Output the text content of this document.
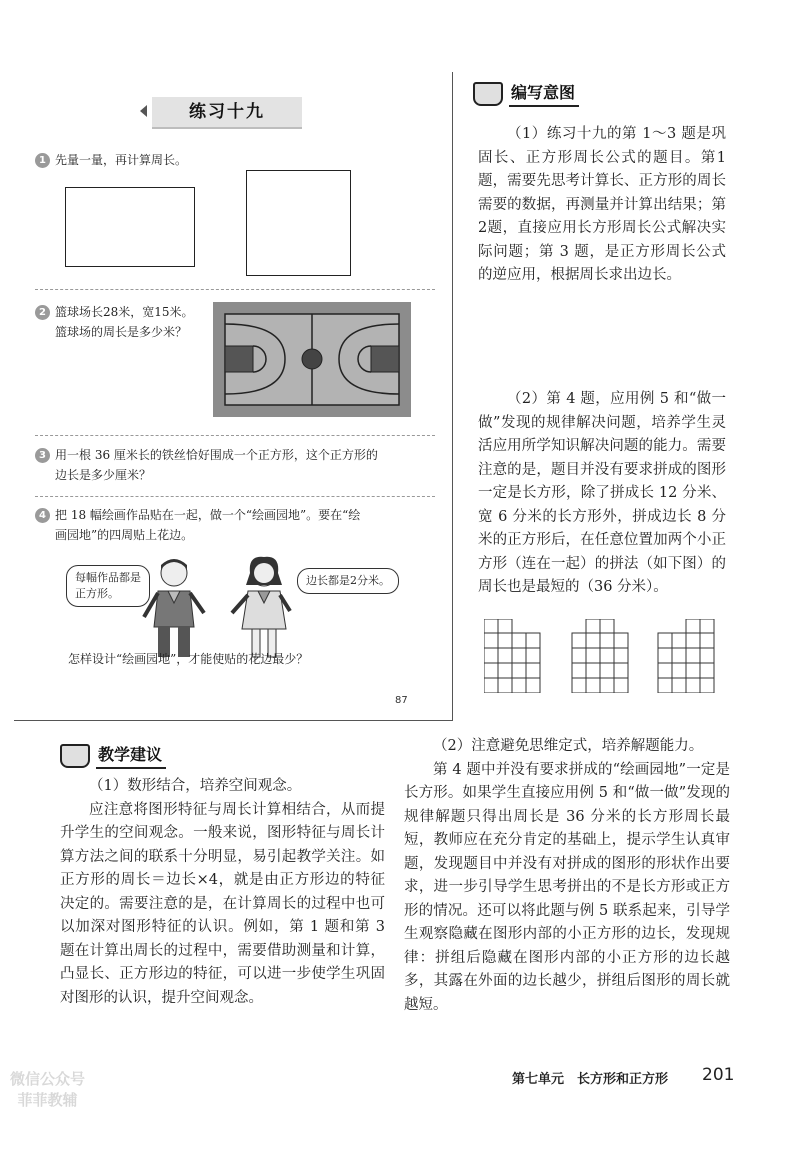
练习十九
1 先量一量，再计算周长。
2 篮球场长28米，宽15米。
篮球场的周长是多少米？
3 用一根 36 厘米长的铁丝恰好围成一个正方形，这个正方形的
边长是多少厘米？
4 把 18 幅绘画作品贴在一起，做一个“绘画园地”。要在“绘
画园地”的四周贴上花边。
每幅作品都是
正方形。
边长都是2分米。
怎样设计“绘画园地”，才能使贴的花边最少？
87
编写意图

（1）练习十九的第 1～3 题是巩固长、正方形周长公式的题目。第1题，需要先思考计算长、正方形的周长需要的数据，再测量并计算出结果；第2题，直接应用长方形周长公式解决实际问题；第 3 题，是正方形周长公式的逆应用，根据周长求出边长。

（2）第 4 题，应用例 5 和“做一做”发现的规律解决问题，培养学生灵活应用所学知识解决问题的能力。需要注意的是，题目并没有要求拼成的图形一定是长方形，除了拼成长 12 分米、宽 6 分米的长方形外，拼成边长 8 分米的正方形后，在任意位置加两个小正方形（连在一起）的拼法（如下图）的周长也是最短的（36 分米）。

教学建议

（1）数形结合，培养空间观念。

应注意将图形特征与周长计算相结合，从而提升学生的空间观念。一般来说，图形特征与周长计算方法之间的联系十分明显，易引起教学关注。如正方形的周长＝边长×4，就是由正方形边的特征决定的。需要注意的是，在计算周长的过程中也可以加深对图形特征的认识。例如，第 1 题和第 3 题在计算出周长的过程中，需要借助测量和计算，凸显长、正方形边的特征，可以进一步使学生巩固对图形的认识，提升空间观念。

（2）注意避免思维定式，培养解题能力。

第 4 题中并没有要求拼成的“绘画园地”一定是长方形。如果学生直接应用例 5 和“做一做”发现的规律解题只得出周长是 36 分米的长方形周长最短，教师应在充分肯定的基础上，提示学生认真审题，发现题目中并没有对拼成的图形的形状作出要求，进一步引导学生思考拼出的不是长方形或正方形的情况。还可以将此题与例 5 联系起来，引导学生观察隐藏在图形内部的小正方形的边长，发现规律：拼组后隐藏在图形内部的小正方形的边长越多，其露在外面的边长越少，拼组后图形的周长就越短。

微信公众号
菲菲教辅
第七单元　长方形和正方形 201
